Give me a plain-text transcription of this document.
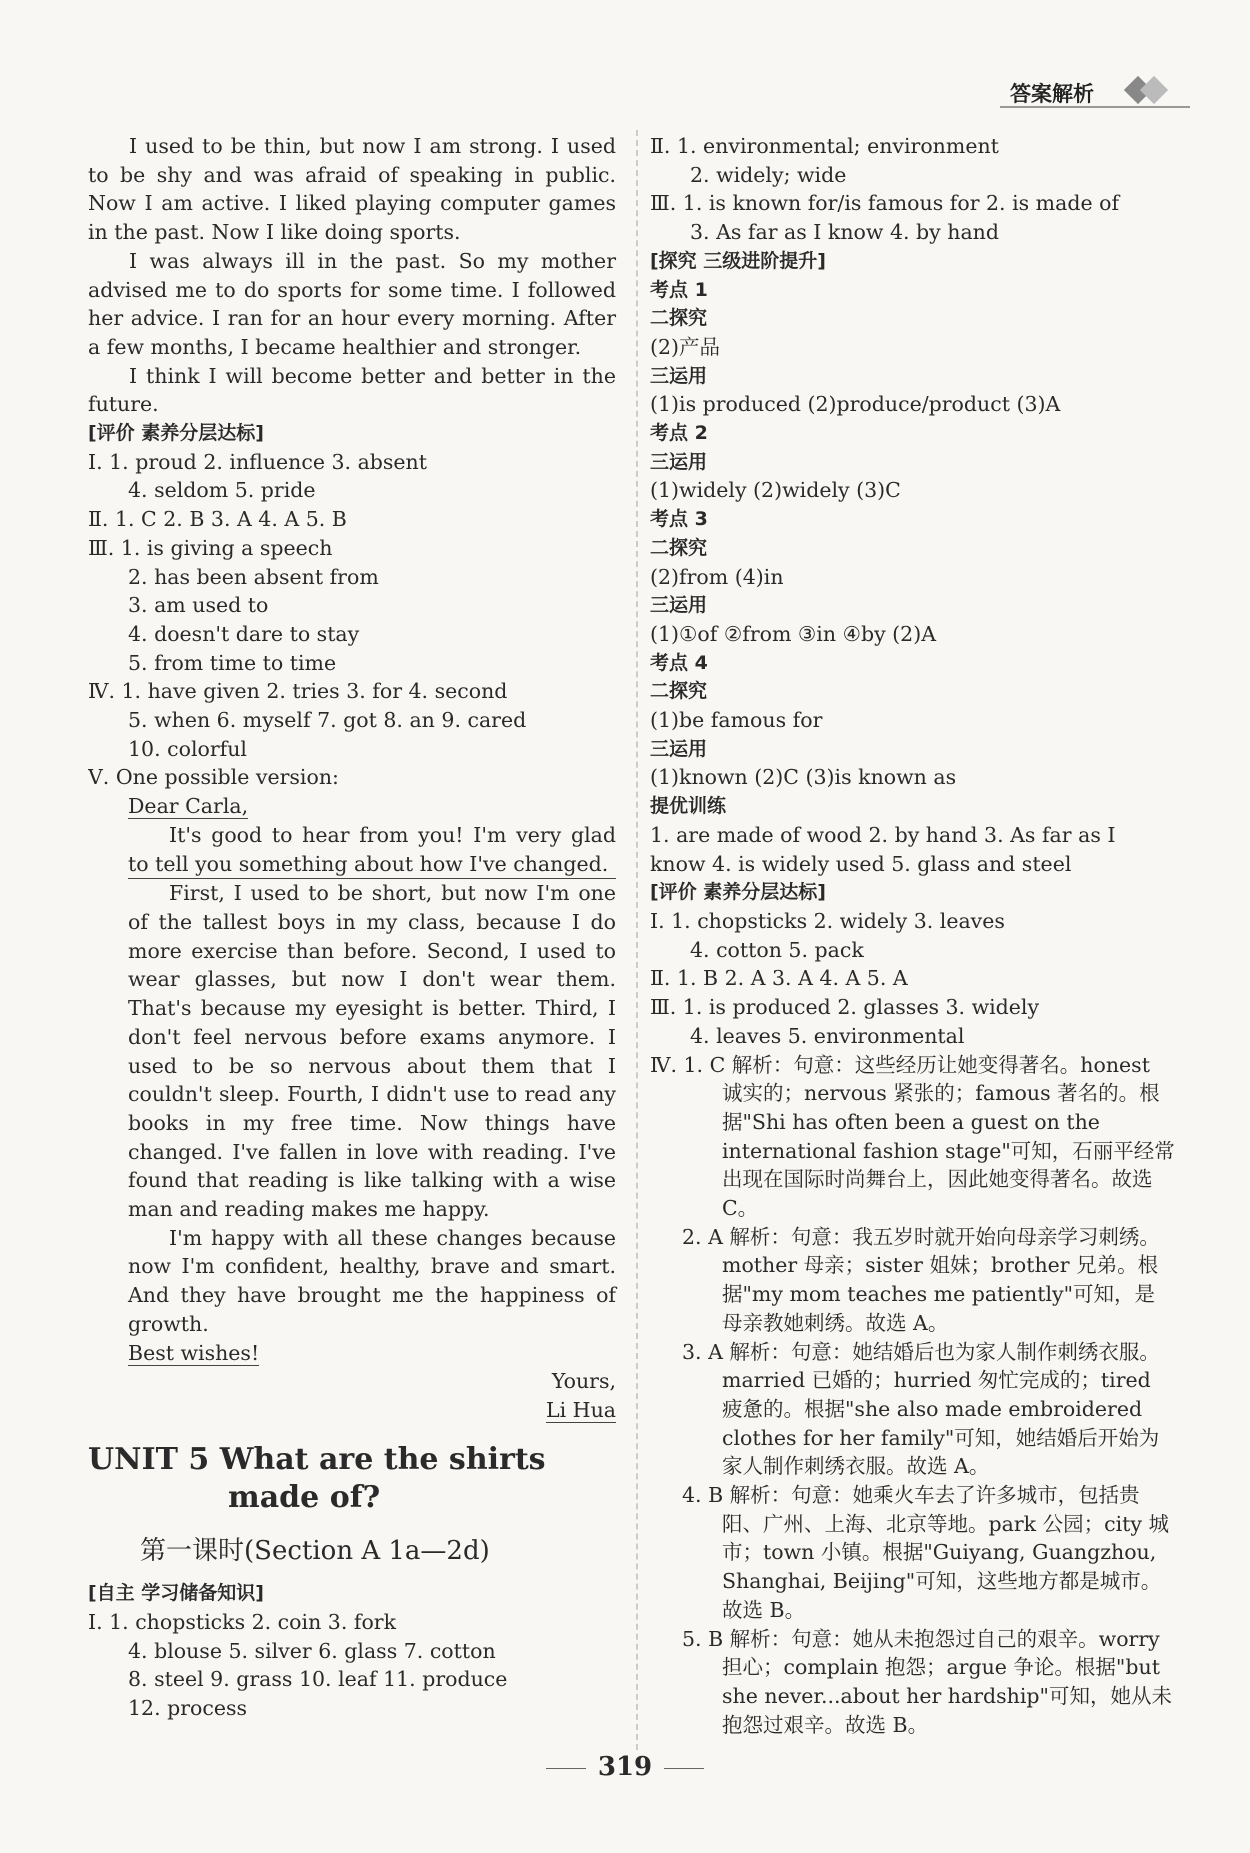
答案解析
I used to be thin, but now I am strong. I used to be shy and was afraid of speaking in public. Now I am active. I liked playing computer games in the past. Now I like doing sports.
I was always ill in the past. So my mother advised me to do sports for some time. I followed her advice. I ran for an hour every morning. After a few months, I became healthier and stronger.
I think I will become better and better in the future.
[评价 素养分层达标]
Ⅰ. 1. proud 2. influence 3. absent
4. seldom 5. pride
Ⅱ. 1. C 2. B 3. A 4. A 5. B
Ⅲ. 1. is giving a speech
2. has been absent from
3. am used to
4. doesn't dare to stay
5. from time to time
Ⅳ. 1. have given 2. tries 3. for 4. second
5. when 6. myself 7. got 8. an 9. cared
10. colorful
Ⅴ. One possible version:
Dear Carla,
It's good to hear from you! I'm very glad to tell you something about how I've changed.
First, I used to be short, but now I'm one of the tallest boys in my class, because I do more exercise than before. Second, I used to wear glasses, but now I don't wear them. That's because my eyesight is better. Third, I don't feel nervous before exams anymore. I used to be so nervous about them that I couldn't sleep. Fourth, I didn't use to read any books in my free time. Now things have changed. I've fallen in love with reading. I've found that reading is like talking with a wise man and reading makes me happy.
I'm happy with all these changes because now I'm confident, healthy, brave and smart. And they have brought me the happiness of growth.
Best wishes!
Yours,
Li Hua
UNIT 5 What are the shirts
made of?
第一课时(Section A 1a—2d)
[自主 学习储备知识]
Ⅰ. 1. chopsticks 2. coin 3. fork
4. blouse 5. silver 6. glass 7. cotton
8. steel 9. grass 10. leaf 11. produce
12. process
Ⅱ. 1. environmental; environment
2. widely; wide
Ⅲ. 1. is known for/is famous for 2. is made of
3. As far as I know 4. by hand
[探究 三级进阶提升]
考点 1
二探究
(2)产品
三运用
(1)is produced (2)produce/product (3)A
考点 2
三运用
(1)widely (2)widely (3)C
考点 3
二探究
(2)from (4)in
三运用
(1)①of ②from ③in ④by (2)A
考点 4
二探究
(1)be famous for
三运用
(1)known (2)C (3)is known as
提优训练
1. are made of wood 2. by hand 3. As far as I know 4. is widely used 5. glass and steel
[评价 素养分层达标]
Ⅰ. 1. chopsticks 2. widely 3. leaves
4. cotton 5. pack
Ⅱ. 1. B 2. A 3. A 4. A 5. A
Ⅲ. 1. is produced 2. glasses 3. widely
4. leaves 5. environmental
Ⅳ. 1. C 解析：句意：这些经历让她变得著名。honest 诚实的；nervous 紧张的；famous 著名的。根据"Shi has often been a guest on the international fashion stage"可知，石丽平经常出现在国际时尚舞台上，因此她变得著名。故选 C。
2. A 解析：句意：我五岁时就开始向母亲学习刺绣。mother 母亲；sister 姐妹；brother 兄弟。根据"my mom teaches me patiently"可知，是母亲教她刺绣。故选 A。
3. A 解析：句意：她结婚后也为家人制作刺绣衣服。married 已婚的；hurried 匆忙完成的；tired 疲惫的。根据"she also made embroidered clothes for her family"可知，她结婚后开始为家人制作刺绣衣服。故选 A。
4. B 解析：句意：她乘火车去了许多城市，包括贵阳、广州、上海、北京等地。park 公园；city 城市；town 小镇。根据"Guiyang, Guangzhou, Shanghai, Beijing"可知，这些地方都是城市。故选 B。
5. B 解析：句意：她从未抱怨过自己的艰辛。worry 担心；complain 抱怨；argue 争论。根据"but she never...about her hardship"可知，她从未抱怨过艰辛。故选 B。
319
